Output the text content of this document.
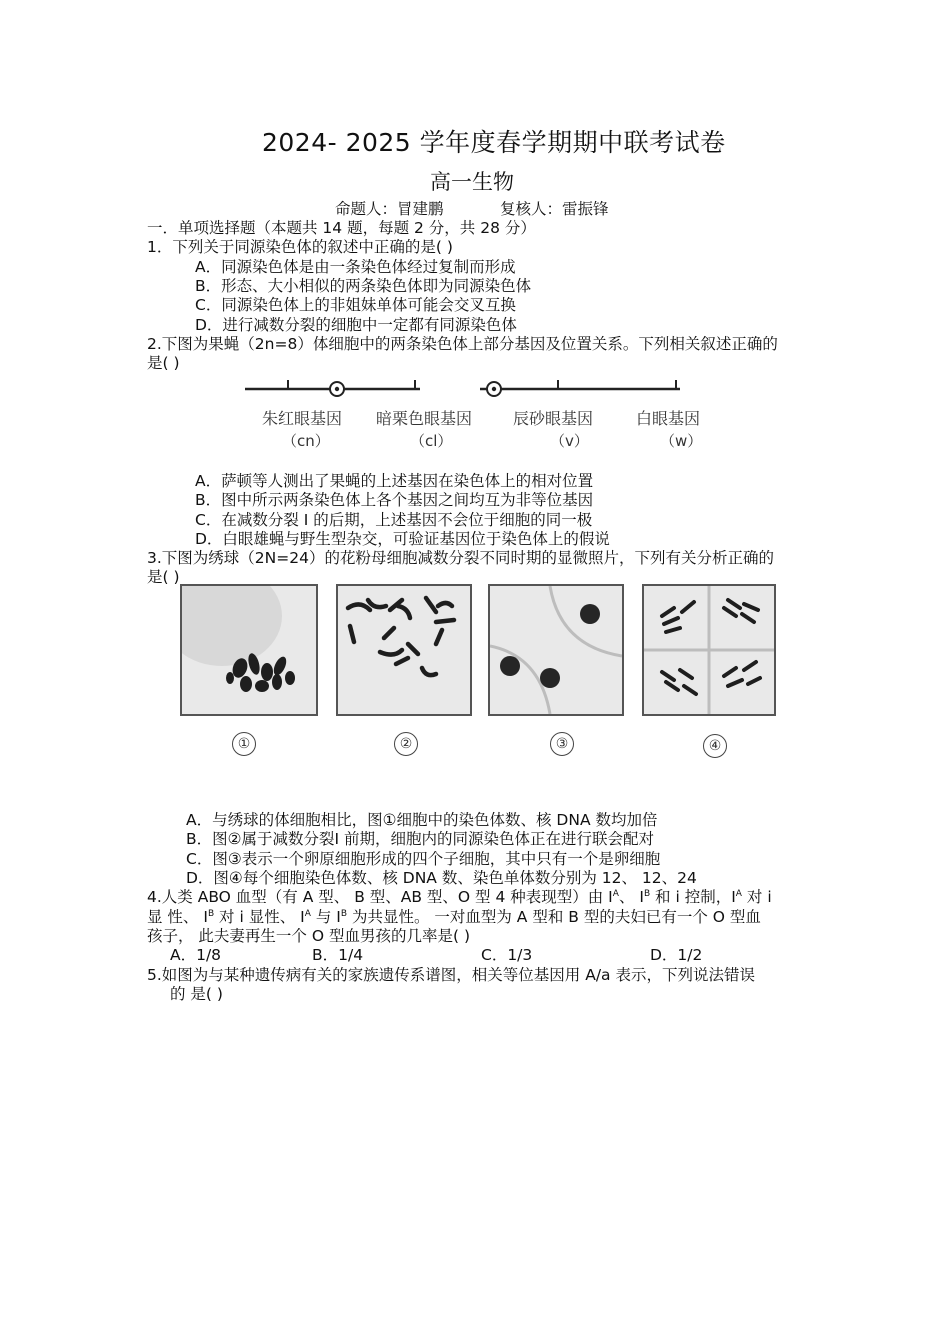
2024- 2025 学年度春学期期中联考试卷
高一生物
命题人：冒建鹏	复核人：雷振锋
一．单项选择题（本题共 14 题，每题 2 分，共 28 分）
1．下列关于同源染色体的叙述中正确的是( )
A．同源染色体是由一条染色体经过复制而形成
B．形态、大小相似的两条染色体即为同源染色体
C．同源染色体上的非姐妹单体可能会交叉互换
D．进行减数分裂的细胞中一定都有同源染色体
2.下图为果蝇（2n=8）体细胞中的两条染色体上部分基因及位置关系。下列相关叙述正确的
是( )
朱红眼基因
（cn）
暗栗色眼基因
（cl）
辰砂眼基因
（v）
白眼基因
（w）
A．萨顿等人测出了果蝇的上述基因在染色体上的相对位置
B．图中所示两条染色体上各个基因之间均互为非等位基因
C．在减数分裂 I 的后期，上述基因不会位于细胞的同一极
D．白眼雄蝇与野生型杂交，可验证基因位于染色体上的假说
3.下图为绣球（2N=24）的花粉母细胞减数分裂不同时期的显微照片，下列有关分析正确的
是( )
①	②	③	④
A．与绣球的体细胞相比，图①细胞中的染色体数、核 DNA 数均加倍
B．图②属于减数分裂Ⅰ 前期，细胞内的同源染色体正在进行联会配对
C．图③表示一个卵原细胞形成的四个子细胞，其中只有一个是卵细胞
D．图④每个细胞染色体数、核 DNA 数、染色单体数分别为 12、 12、24
4.人类 ABO 血型（有 A 型、 B 型、AB 型、O 型 4 种表现型）由 $I^A$、 $I^B$ 和 i 控制，$I^A$ 对 i
显 性、 $I^B$ 对 i 显性、 $I^A$ 与 $I^B$ 为共显性。 一对血型为 A 型和 B 型的夫妇已有一个 O 型血
孩子， 此夫妻再生一个 O 型血男孩的几率是( )
A．1/8	B．1/4	C．1/3	D．1/2
5.如图为与某种遗传病有关的家族遗传系谱图，相关等位基因用 A/a 表示，下列说法错误
的 是( )
